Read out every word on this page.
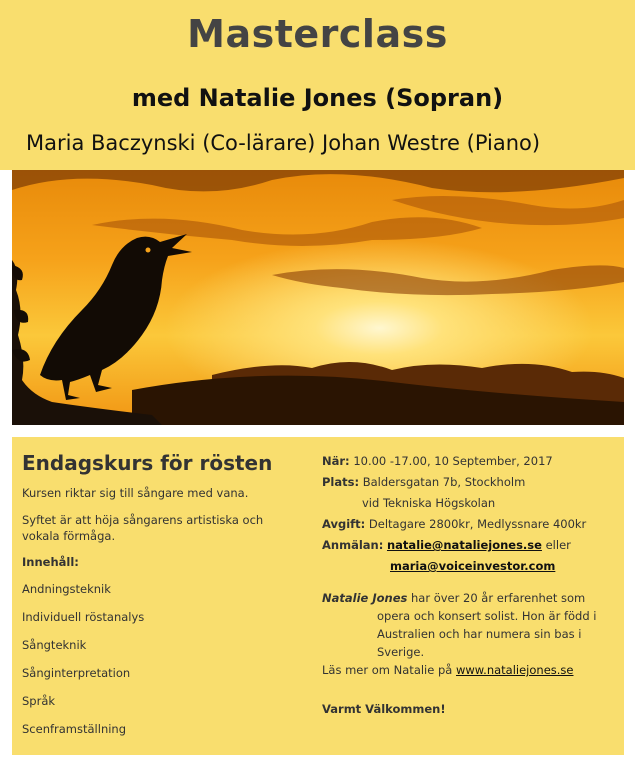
Masterclass
med Natalie Jones (Sopran)
Maria Baczynski (Co-lärare) Johan Westre (Piano)
Endagskurs för rösten
Kursen riktar sig till sångare med vana.
Syftet är att höja sångarens artistiska och vokala förmåga.
Innehåll:
Andningsteknik
Individuell röstanalys
Sångteknik
Sånginterpretation
Språk
Scenframställning
När: 10.00 -17.00, 10 September, 2017
Plats: Baldersgatan 7b, Stockholm
vid Tekniska Högskolan
Avgift: Deltagare 2800kr, Medlyssnare 400kr
Anmälan: natalie@nataliejones.se eller
maria@voiceinvestor.com
Natalie Jones har över 20 år erfarenhet som
opera och konsert solist. Hon är född i Australien och har numera sin bas i Sverige.
Läs mer om Natalie på www.nataliejones.se
Varmt Välkommen!
